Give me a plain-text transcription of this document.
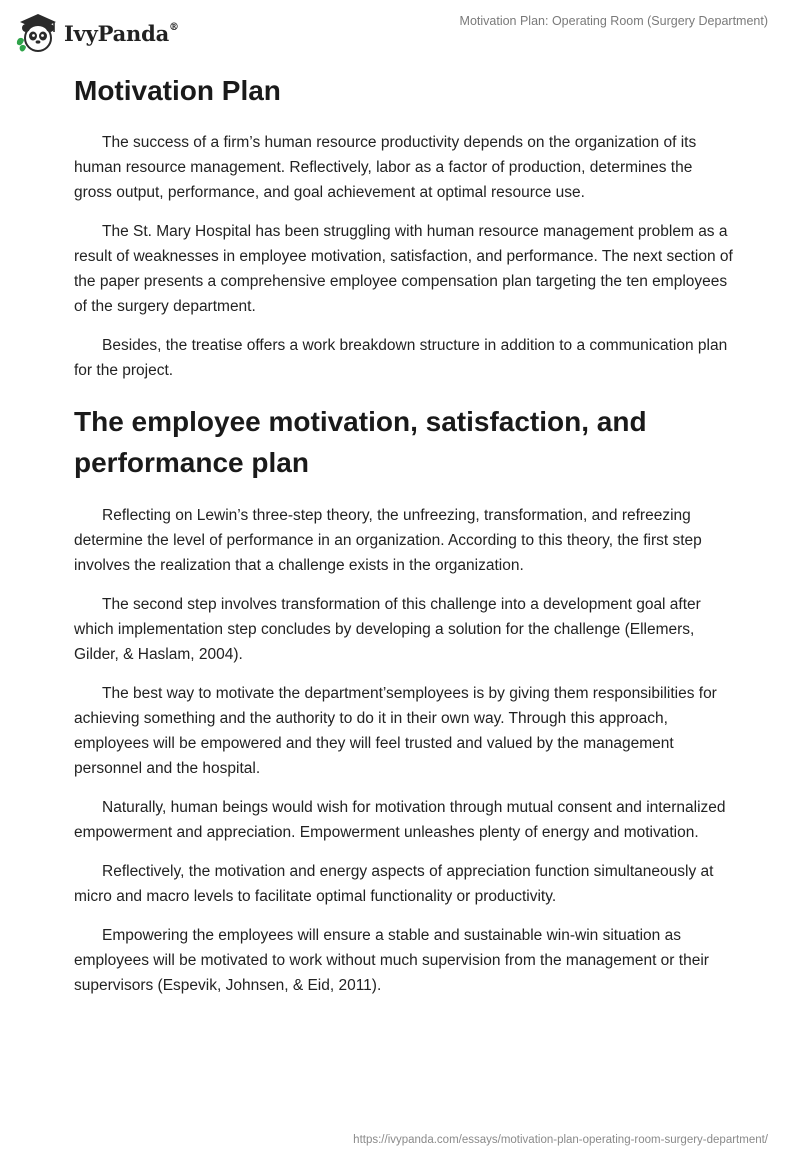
IvyPanda®	Motivation Plan: Operating Room (Surgery Department)
Motivation Plan

The success of a firm’s human resource productivity depends on the organization of its human resource management. Reflectively, labor as a factor of production, determines the gross output, performance, and goal achievement at optimal resource use.

The St. Mary Hospital has been struggling with human resource management problem as a result of weaknesses in employee motivation, satisfaction, and performance. The next section of the paper presents a comprehensive employee compensation plan targeting the ten employees of the surgery department.

Besides, the treatise offers a work breakdown structure in addition to a communication plan for the project.

The employee motivation, satisfaction, and performance plan

Reflecting on Lewin’s three-step theory, the unfreezing, transformation, and refreezing determine the level of performance in an organization. According to this theory, the first step involves the realization that a challenge exists in the organization.

The second step involves transformation of this challenge into a development goal after which implementation step concludes by developing a solution for the challenge (Ellemers, Gilder, & Haslam, 2004).

The best way to motivate the department’semployees is by giving them responsibilities for achieving something and the authority to do it in their own way. Through this approach, employees will be empowered and they will feel trusted and valued by the management personnel and the hospital.

Naturally, human beings would wish for motivation through mutual consent and internalized empowerment and appreciation. Empowerment unleashes plenty of energy and motivation.

Reflectively, the motivation and energy aspects of appreciation function simultaneously at micro and macro levels to facilitate optimal functionality or productivity.

Empowering the employees will ensure a stable and sustainable win-win situation as employees will be motivated to work without much supervision from the management or their supervisors (Espevik, Johnsen, & Eid, 2011).

https://ivypanda.com/essays/motivation-plan-operating-room-surgery-department/
